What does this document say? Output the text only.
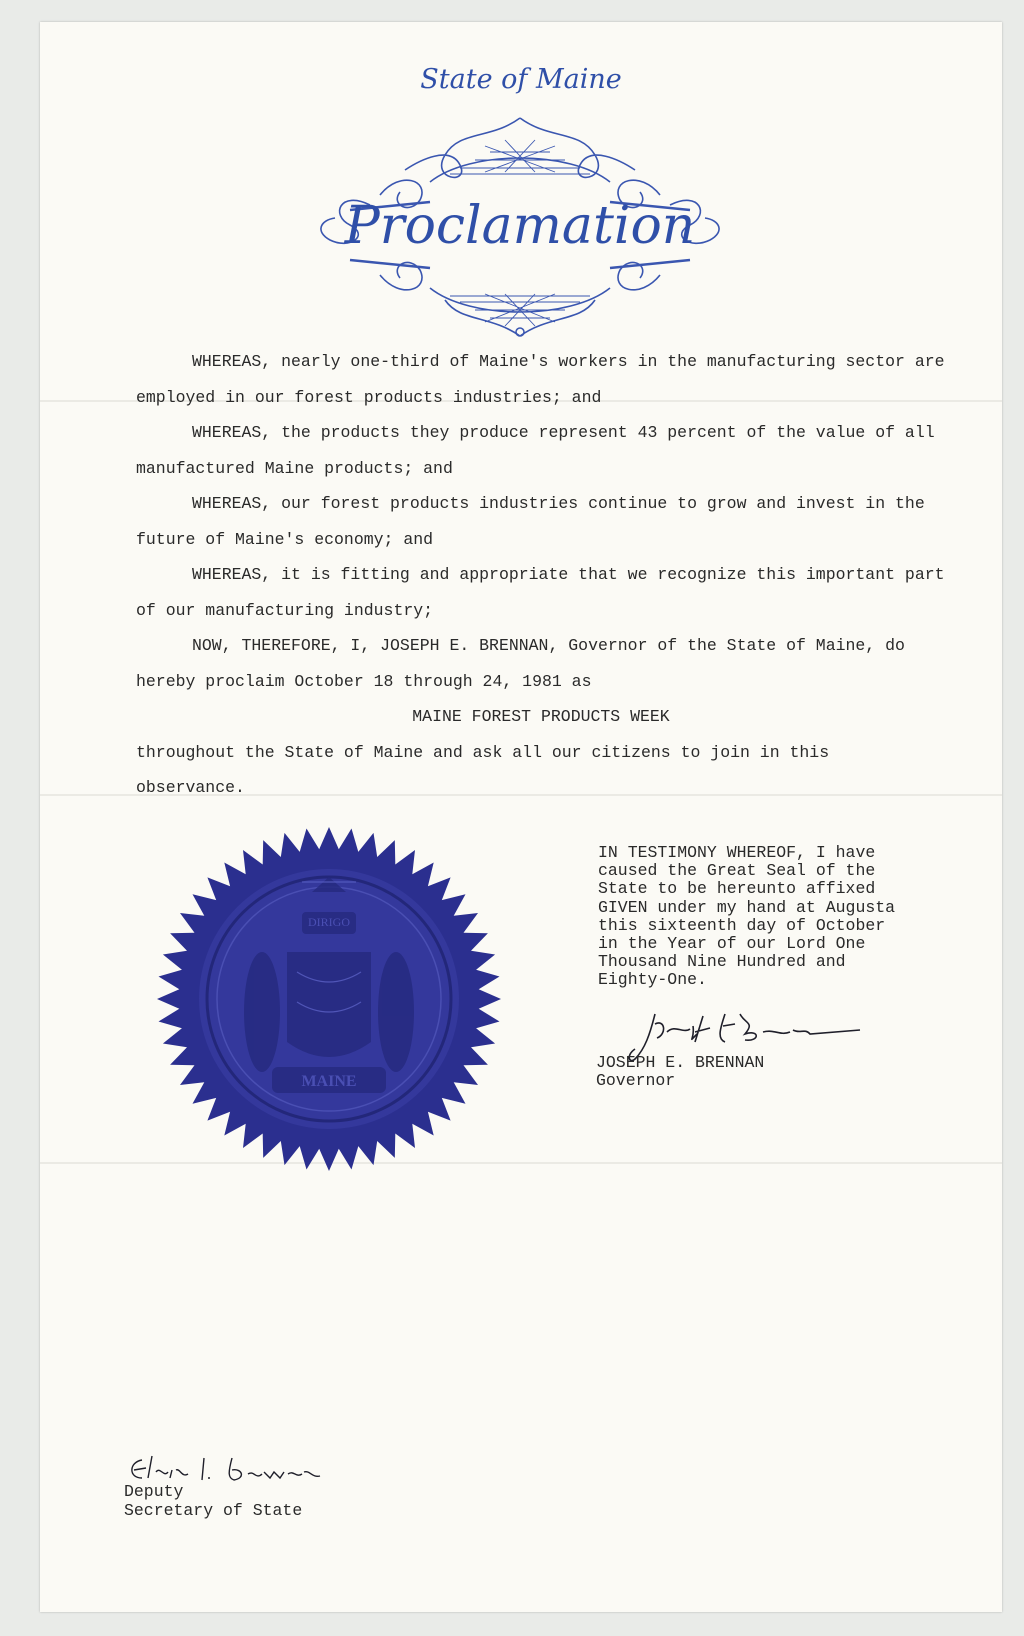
State of Maine
Proclamation

WHEREAS, nearly one-third of Maine's workers in the manufacturing sector are employed in our forest products industries; and

WHEREAS, the products they produce represent 43 percent of the value of all manufactured Maine products; and

WHEREAS, our forest products industries continue to grow and invest in the future of Maine's economy; and

WHEREAS, it is fitting and appropriate that we recognize this important part of our manufacturing industry;

NOW, THEREFORE, I, JOSEPH E. BRENNAN, Governor of the State of Maine, do hereby proclaim October 18 through 24, 1981 as

MAINE FOREST PRODUCTS WEEK

throughout the State of Maine and ask all our citizens to join in this observance.

DIRIGO
MAINE
IN TESTIMONY WHEREOF, I have
caused the Great Seal of the
State to be hereunto affixed
GIVEN under my hand at Augusta
this sixteenth day of October
in the Year of our Lord One
Thousand Nine Hundred and
Eighty-One.
Joseph E. Brennan
JOSEPH E. BRENNAN
Governor
Elaine I. Bowen
Deputy
Secretary of State
